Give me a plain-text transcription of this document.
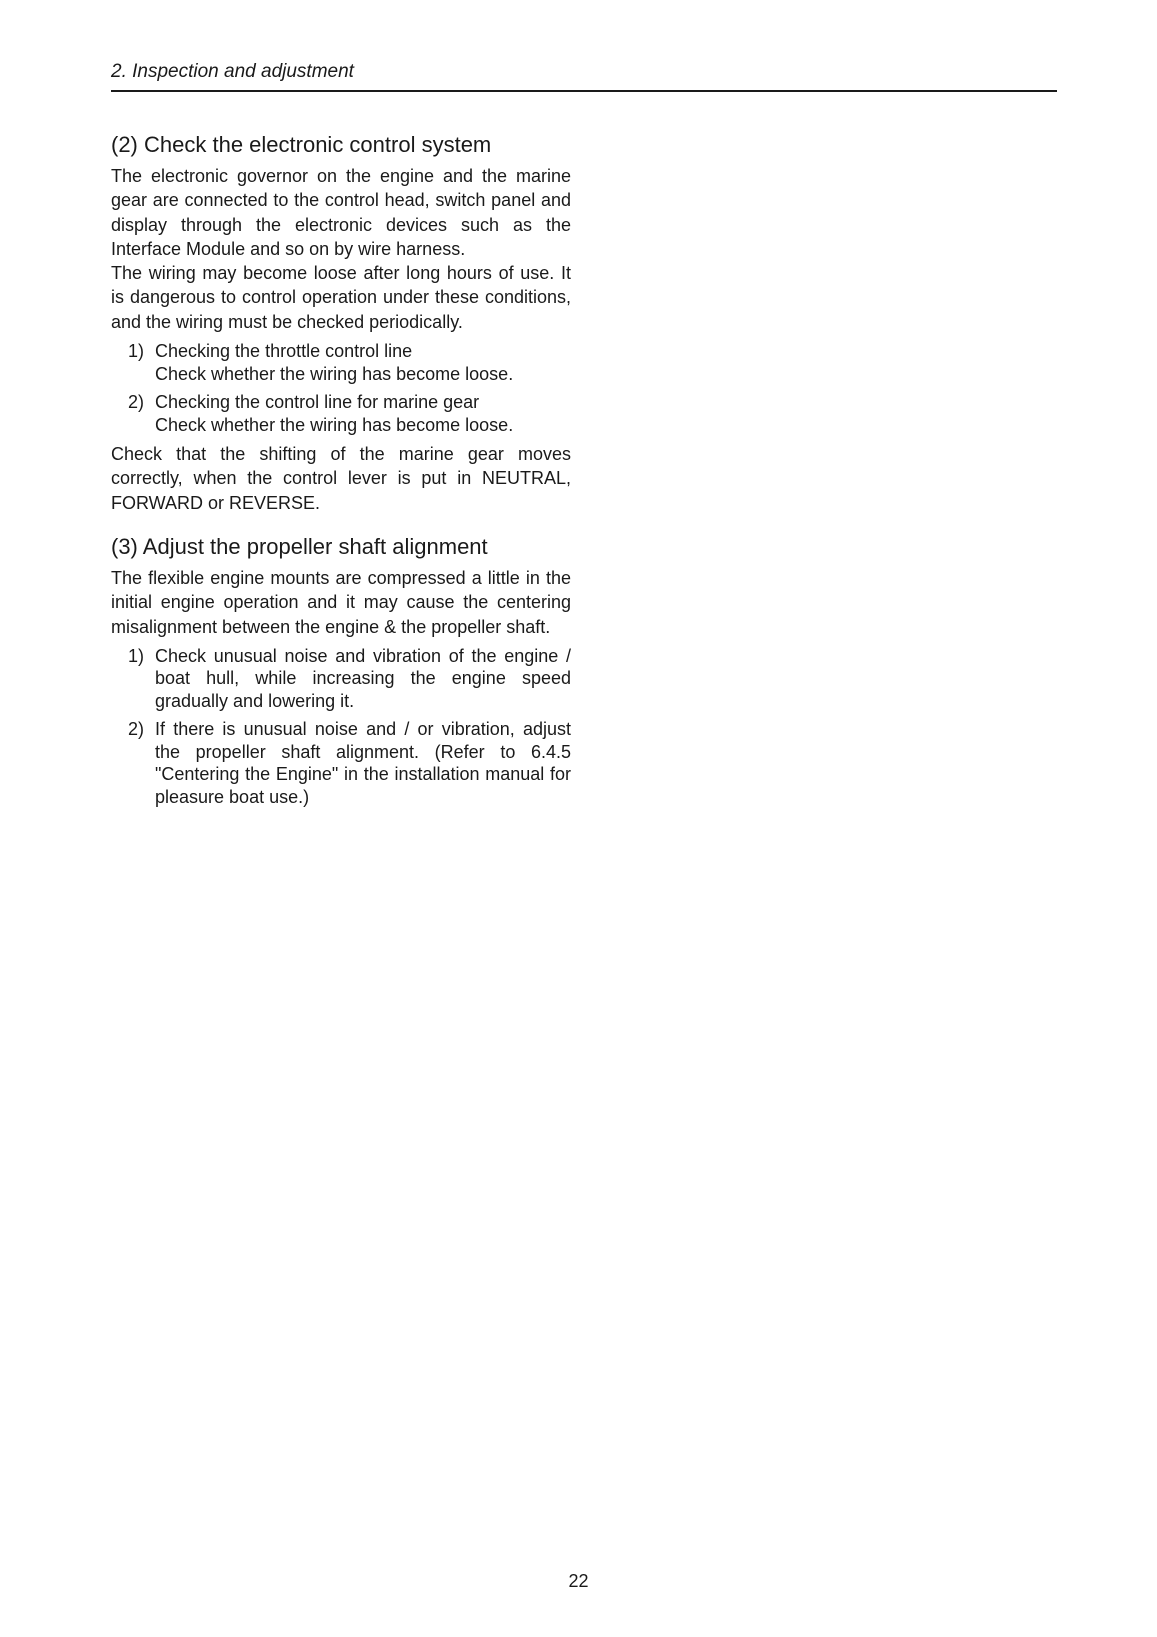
2. Inspection and adjustment
(2) Check the electronic control system

The electronic governor on the engine and the marine gear are connected to the control head, switch panel and display through the electronic devices such as the Interface Module and so on by wire harness.

The wiring may become loose after long hours of use. It is dangerous to control operation under these conditions, and the wiring must be checked periodically.

1) Checking the throttle control line
Check whether the wiring has become loose.
2) Checking the control line for marine gear
Check whether the wiring has become loose.

Check that the shifting of the marine gear moves correctly, when the control lever is put in NEUTRAL, FORWARD or REVERSE.

(3) Adjust the propeller shaft alignment

The flexible engine mounts are compressed a little in the initial engine operation and it may cause the centering misalignment between the engine & the propeller shaft.

1) Check unusual noise and vibration of the engine / boat hull, while increasing the engine speed gradually and lowering it.
2) If there is unusual noise and / or vibration, adjust the propeller shaft alignment. (Refer to 6.4.5 "Centering the Engine" in the installation manual for pleasure boat use.)
22
